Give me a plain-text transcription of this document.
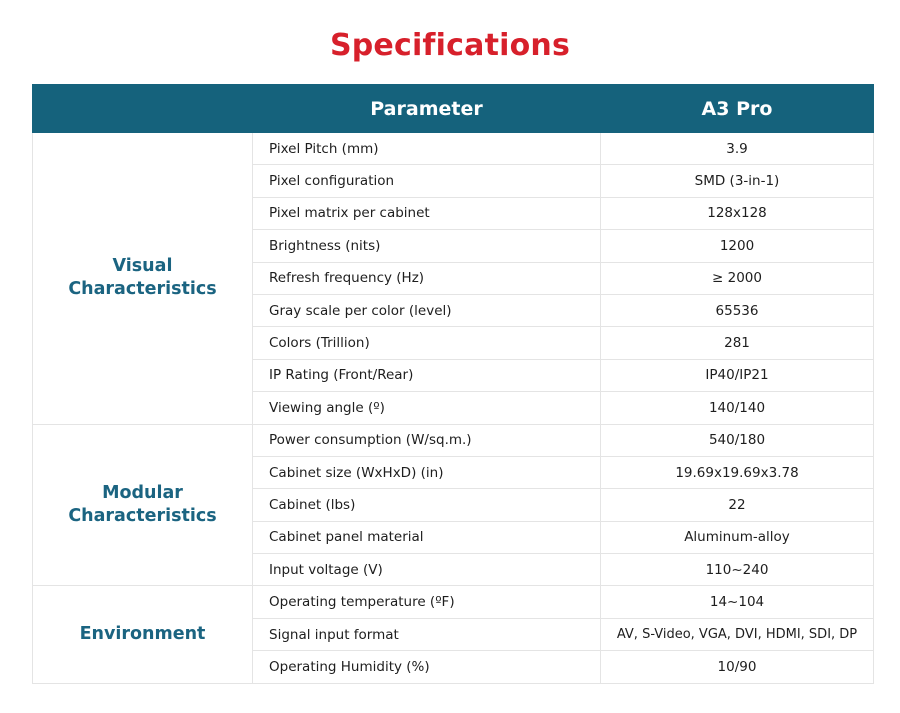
Specifications
	Parameter	A3 Pro
Visual
Characteristics	Pixel Pitch (mm)	3.9
	Pixel configuration	SMD (3-in-1)
	Pixel matrix per cabinet	128x128
	Brightness (nits)	1200
	Refresh frequency (Hz)	≥ 2000
	Gray scale per color (level)	65536
	Colors (Trillion)	281
	IP Rating (Front/Rear)	IP40/IP21
	Viewing angle (º)	140/140
Modular
Characteristics	Power consumption (W/sq.m.)	540/180
	Cabinet size (WxHxD) (in)	19.69x19.69x3.78
	Cabinet (lbs)	22
	Cabinet panel material	Aluminum-alloy
	Input voltage (V)	110~240
Environment	Operating temperature (ºF)	14~104
	Signal input format	AV, S-Video, VGA, DVI, HDMI, SDI, DP
	Operating Humidity (%)	10/90
